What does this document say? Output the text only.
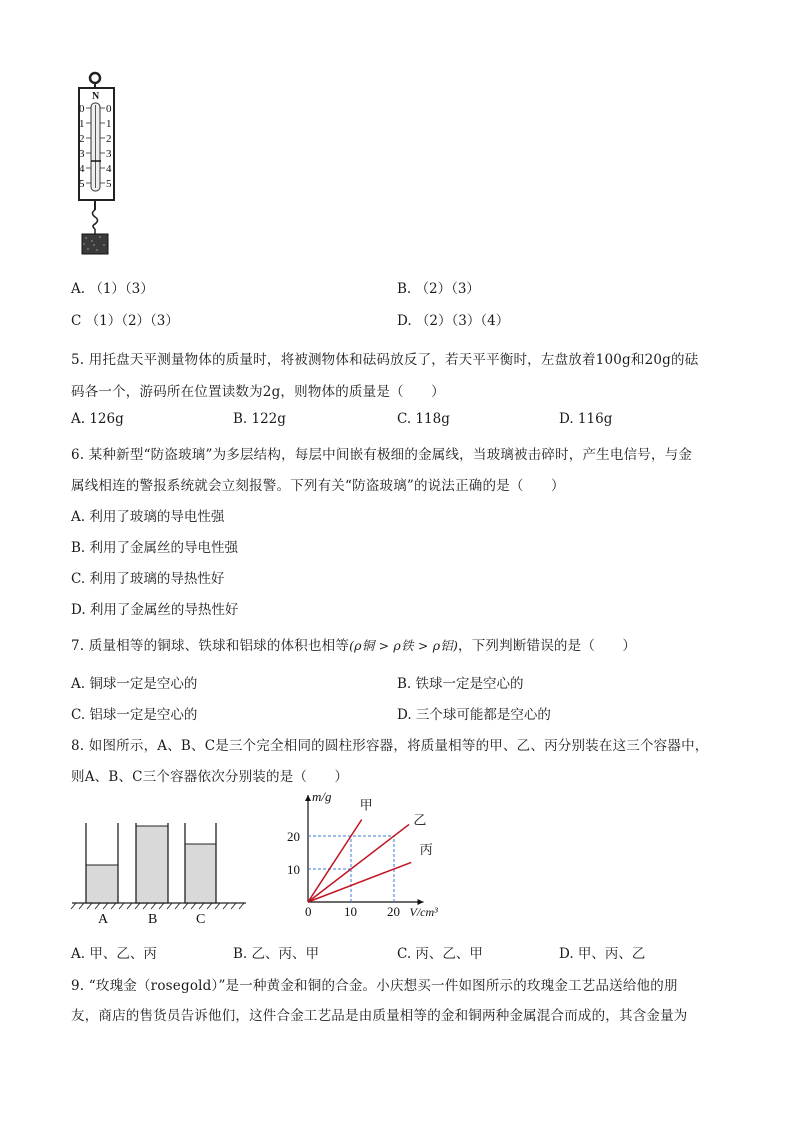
N
0
1
2
3
4
5
0
1
2
3
4
5
A. （1）（3）	B. （2）（3）
C （1）（2）（3）	D. （2）（3）（4）
5. 用托盘天平测量物体的质量时，将被测物体和砝码放反了，若天平平衡时，左盘放着100g和20g的砝
码各一个，游码所在位置读数为2g，则物体的质量是（　　）
A. 126g	B. 122g	C. 118g	D. 116g
6. 某种新型“防盗玻璃”为多层结构，每层中间嵌有极细的金属线，当玻璃被击碎时，产生电信号，与金
属线相连的警报系统就会立刻报警。下列有关“防盗玻璃”的说法正确的是（　　）
A. 利用了玻璃的导电性强
B. 利用了金属丝的导电性强
C. 利用了玻璃的导热性好
D. 利用了金属丝的导热性好
7. 质量相等的铜球、铁球和铝球的体积也相等(ρ铜 > ρ铁 > ρ铝)，下列判断错误的是（　　）
A. 铜球一定是空心的	B. 铁球一定是空心的
C. 铝球一定是空心的	D. 三个球可能都是空心的
8. 如图所示，A、B、C是三个完全相同的圆柱形容器，将质量相等的甲、乙、丙分别装在这三个容器中，
则A、B、C三个容器依次分别装的是（　　）
A	B	C
m/g
V/cm³
0	10 20
10
20
甲
乙
丙
A. 甲、乙、丙	B. 乙、丙、甲	C. 丙、乙、甲	D. 甲、丙、乙
9. “玫瑰金（rosegold）”是一种黄金和铜的合金。小庆想买一件如图所示的玫瑰金工艺品送给他的朋
友，商店的售货员告诉他们，这件合金工艺品是由质量相等的金和铜两种金属混合而成的，其含金量为
